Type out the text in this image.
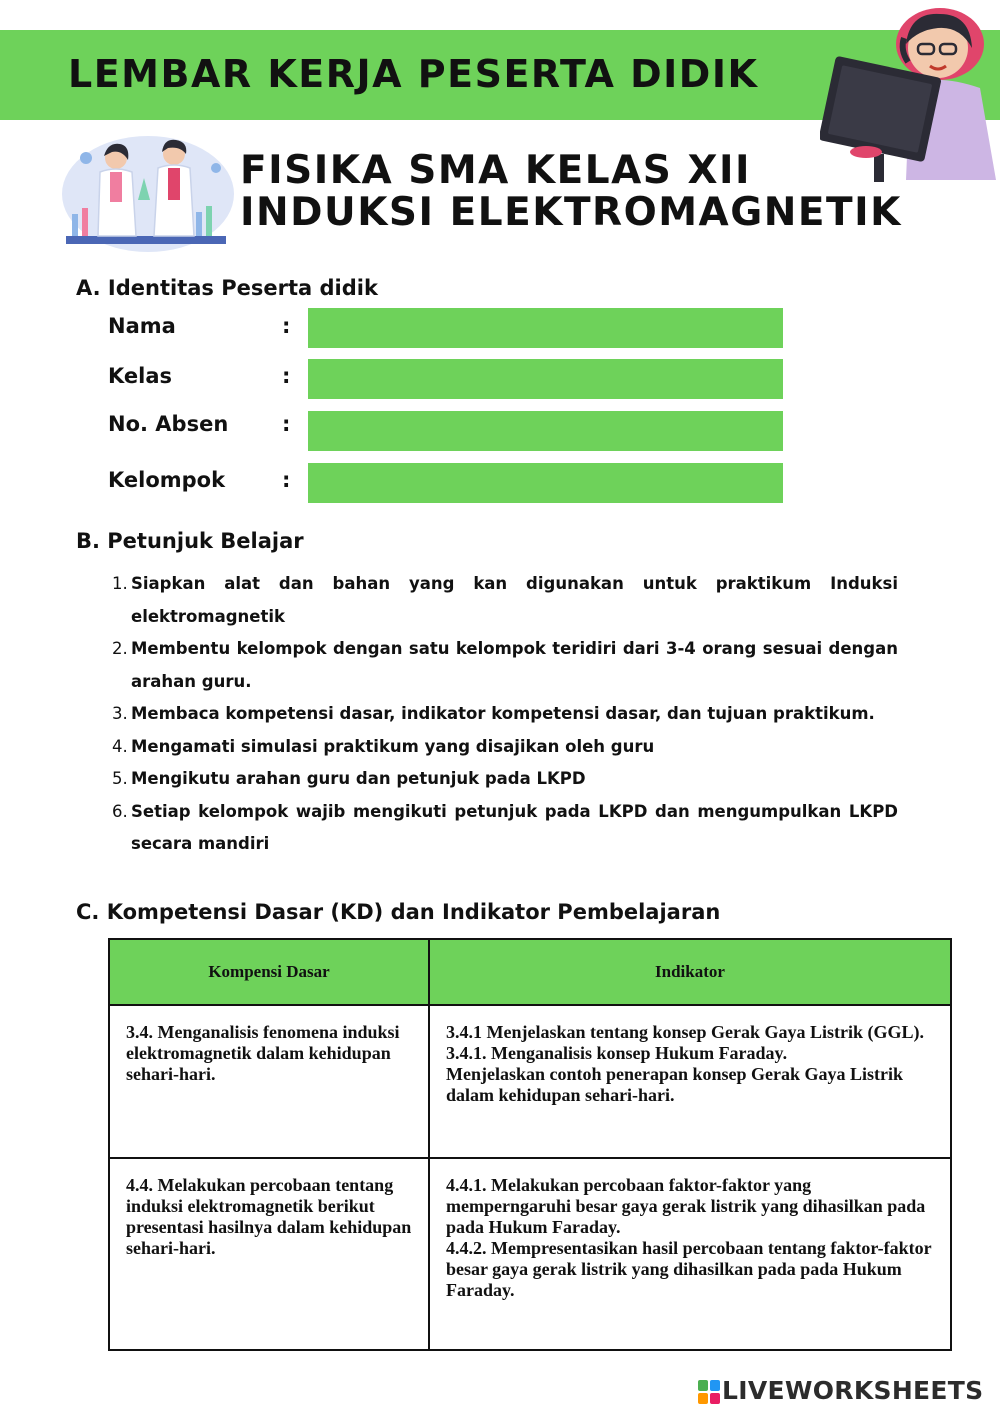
LEMBAR KERJA PESERTA DIDIK
FISIKA SMA KELAS XII
INDUKSI ELEKTROMAGNETIK
A. Identitas Peserta didik
Nama	:
Kelas	:
No. Absen	:
Kelompok	:
B. Petunjuk Belajar
1. Siapkan alat dan bahan yang kan digunakan untuk praktikum Induksi elektromagnetik
2. Membentu kelompok dengan satu kelompok teridiri dari 3-4 orang sesuai dengan arahan guru.
3. Membaca kompetensi dasar, indikator kompetensi dasar, dan tujuan praktikum.
4. Mengamati simulasi praktikum yang disajikan oleh guru
5. Mengikutu arahan guru dan petunjuk pada LKPD
6. Setiap kelompok wajib mengikuti petunjuk pada LKPD dan mengumpulkan LKPD secara mandiri
C. Kompetensi Dasar (KD) dan Indikator Pembelajaran
Kompensi Dasar	Indikator
3.4. Menganalisis fenomena induksi elektromagnetik dalam kehidupan sehari-hari.	3.4.1 Menjelaskan tentang konsep Gerak Gaya Listrik (GGL).
3.4.1. Menganalisis konsep Hukum Faraday.
Menjelaskan contoh penerapan konsep Gerak Gaya Listrik dalam kehidupan sehari-hari.

4.4. Melakukan percobaan tentang induksi elektromagnetik berikut presentasi hasilnya dalam kehidupan sehari-hari.	4.4.1. Melakukan percobaan faktor-faktor yang memperngaruhi besar gaya gerak listrik yang dihasilkan pada pada Hukum Faraday.
4.4.2. Mempresentasikan hasil percobaan tentang faktor-faktor besar gaya gerak listrik yang dihasilkan pada pada Hukum Faraday.
LIVEWORKSHEETS
